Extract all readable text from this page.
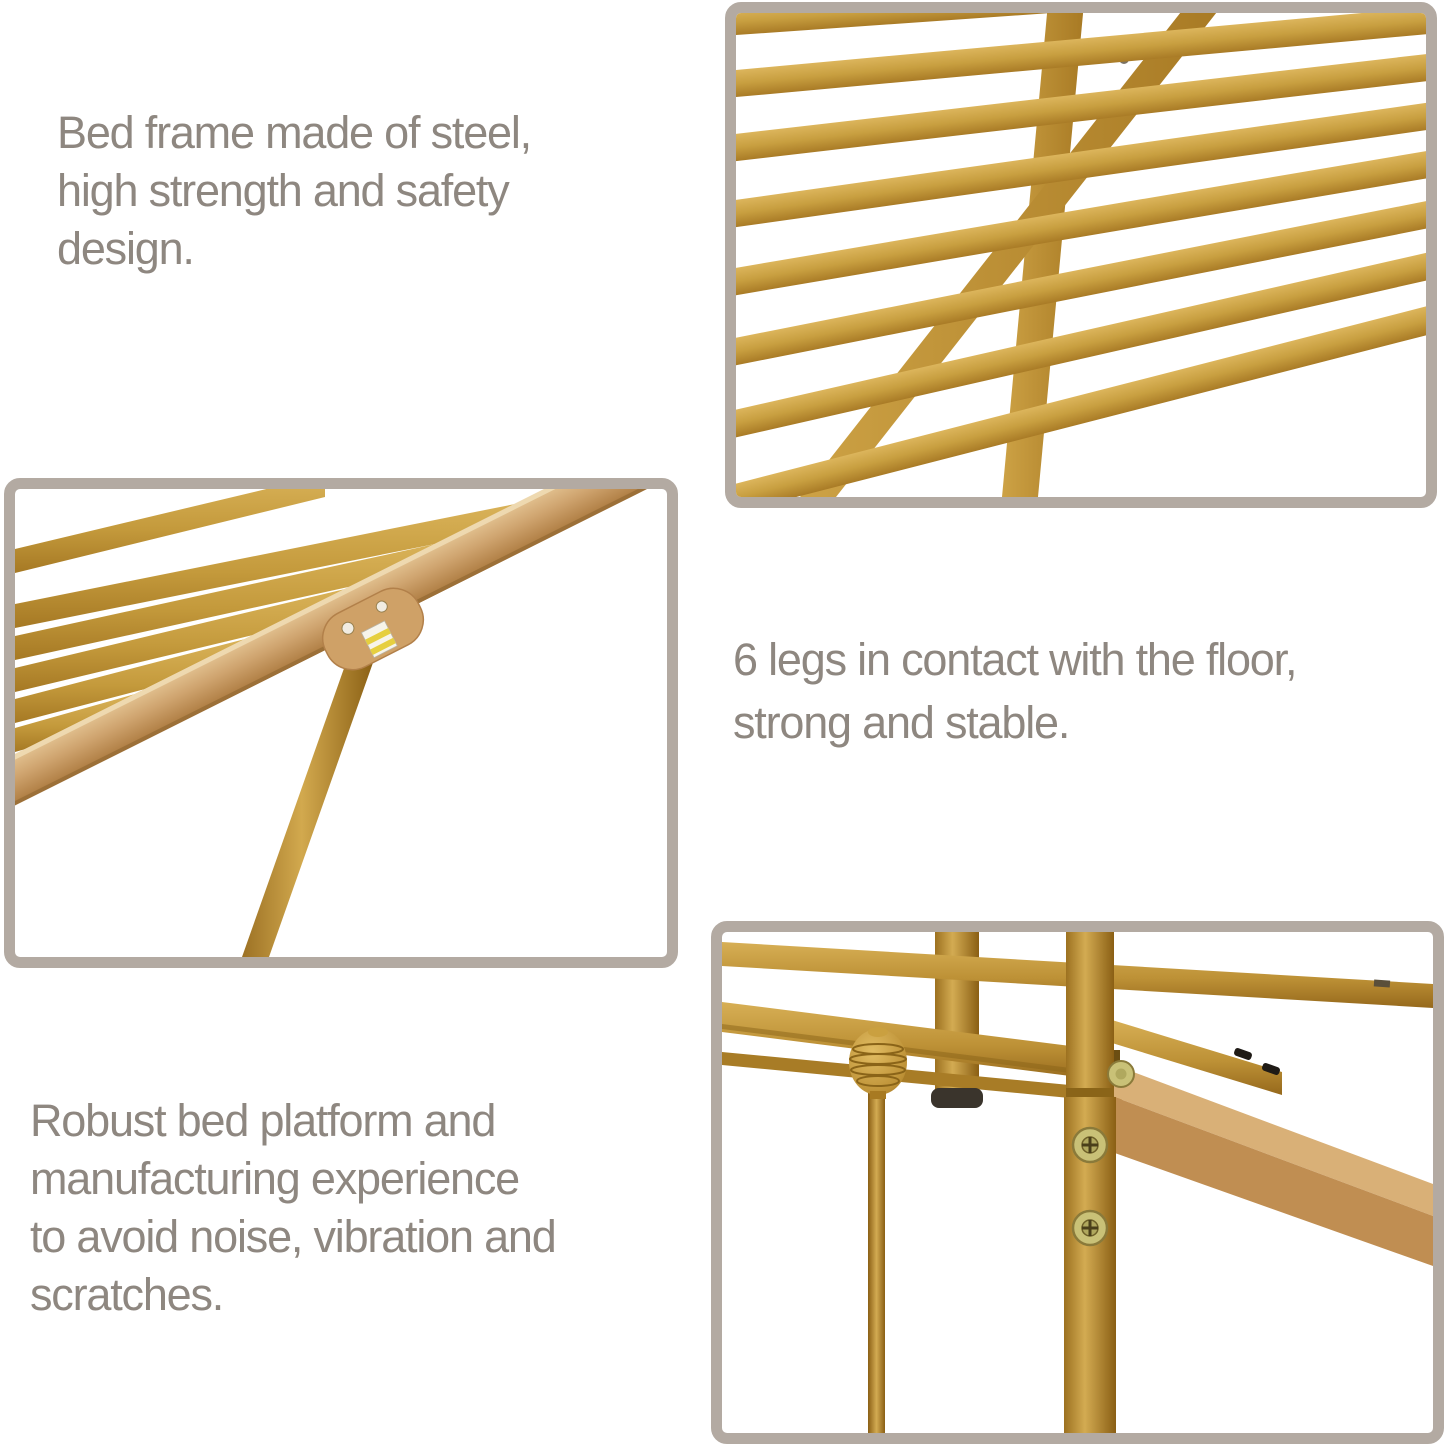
Bed frame made of steel,
high strength and safety
design.
6 legs in contact with the floor,
strong and stable.
Robust bed platform and
manufacturing experience
to avoid noise, vibration and
scratches.
